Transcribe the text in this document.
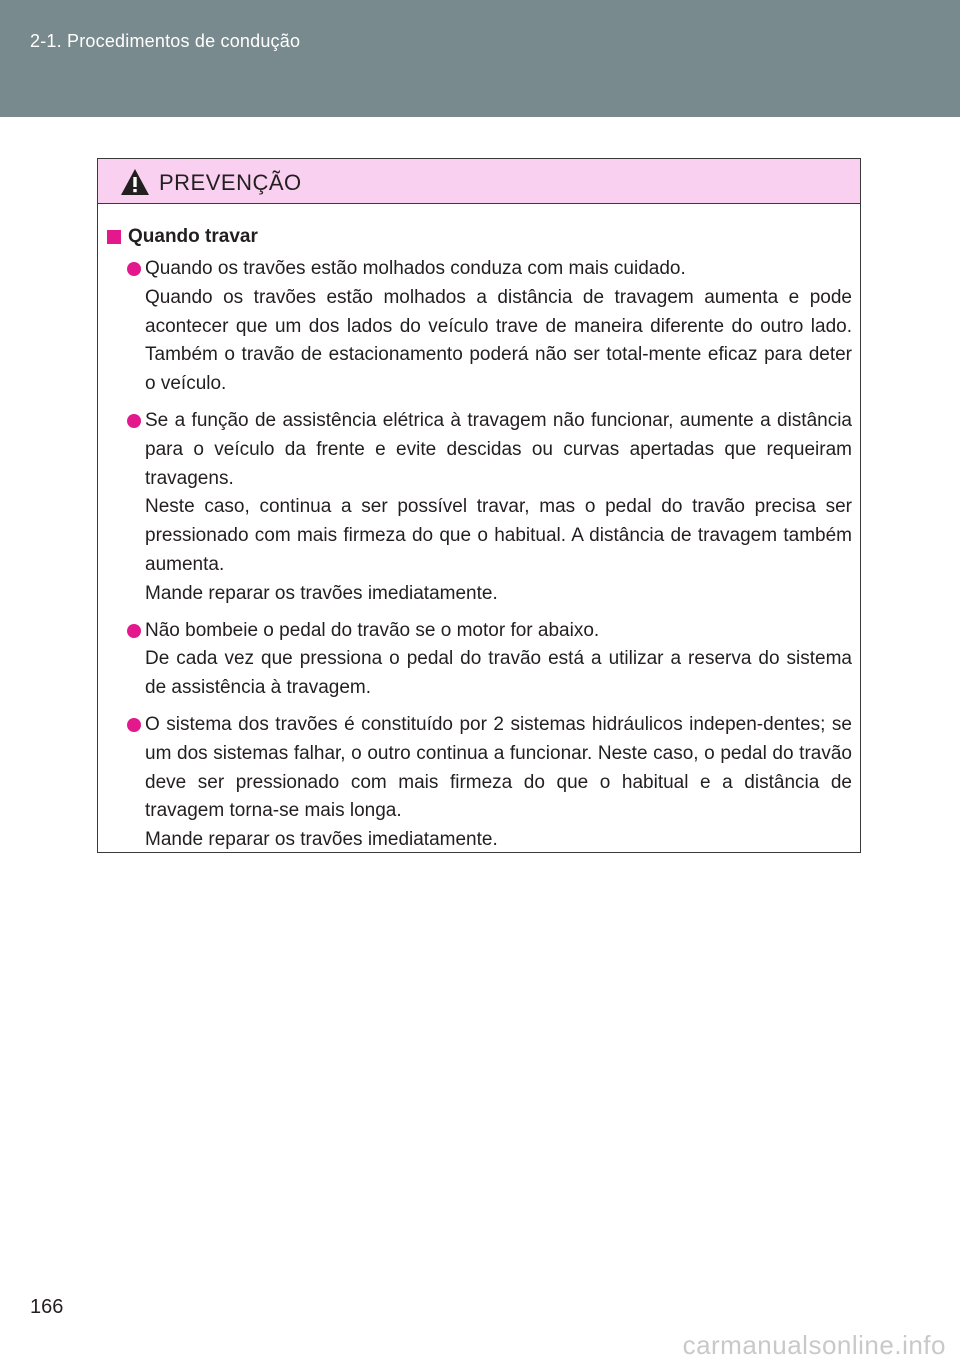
2-1. Procedimentos de condução
PREVENÇÃO
Quando travar
Quando os travões estão molhados conduza com mais cuidado.
Quando os travões estão molhados a distância de travagem aumenta e pode acontecer que um dos lados do veículo trave de maneira diferente do outro lado. Também o travão de estacionamento poderá não ser total-mente eficaz para deter o veículo.
Se a função de assistência elétrica à travagem não funcionar, aumente a distância para o veículo da frente e evite descidas ou curvas apertadas que requeiram travagens.
Neste caso, continua a ser possível travar, mas o pedal do travão precisa ser pressionado com mais firmeza do que o habitual. A distância de travagem também aumenta.
Mande reparar os travões imediatamente.
Não bombeie o pedal do travão se o motor for abaixo.
De cada vez que pressiona o pedal do travão está a utilizar a reserva do sistema de assistência à travagem.
O sistema dos travões é constituído por 2 sistemas hidráulicos indepen-dentes; se um dos sistemas falhar, o outro continua a funcionar. Neste caso, o pedal do travão deve ser pressionado com mais firmeza do que o habitual e a distância de travagem torna-se mais longa.
Mande reparar os travões imediatamente.
166
carmanualsonline.info
